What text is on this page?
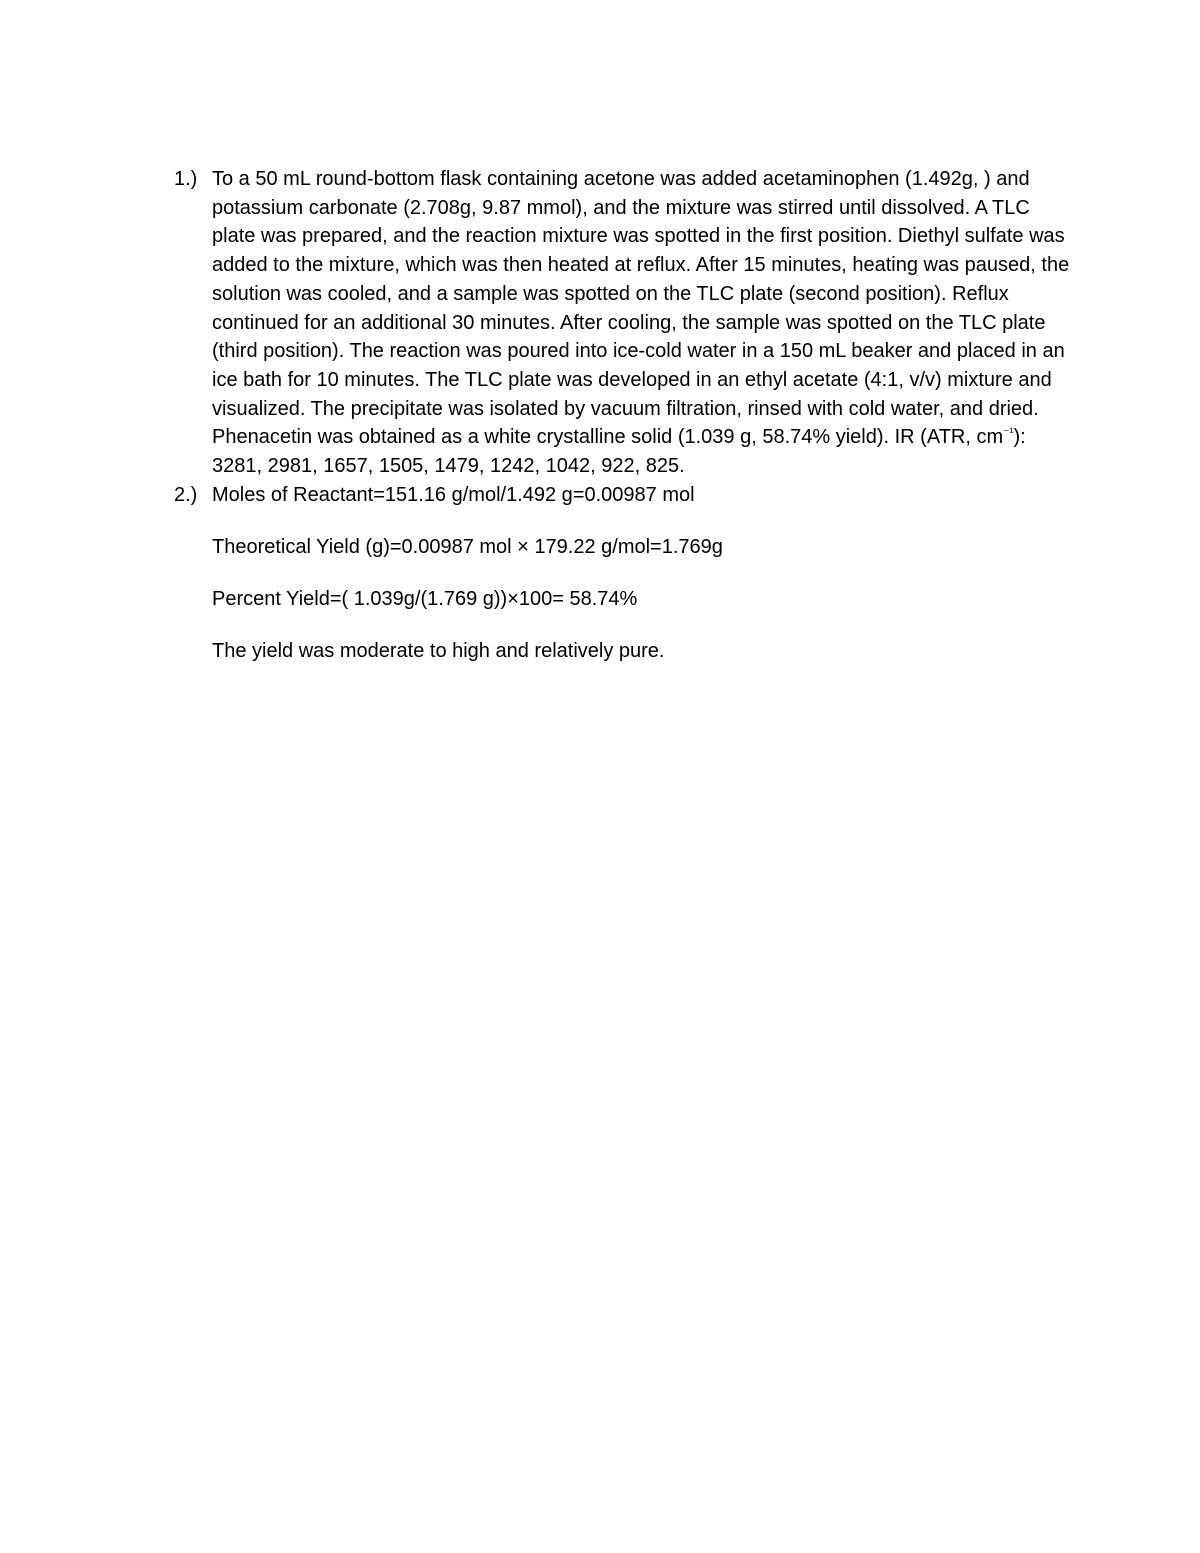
1.) To a 50 mL round-bottom flask containing acetone was added acetaminophen (1.492g, ) and potassium carbonate (2.708g, 9.87 mmol), and the mixture was stirred until dissolved. A TLC plate was prepared, and the reaction mixture was spotted in the first position. Diethyl sulfate was added to the mixture, which was then heated at reflux. After 15 minutes, heating was paused, the solution was cooled, and a sample was spotted on the TLC plate (second position). Reflux continued for an additional 30 minutes. After cooling, the sample was spotted on the TLC plate (third position). The reaction was poured into ice-cold water in a 150 mL beaker and placed in an ice bath for 10 minutes. The TLC plate was developed in an ethyl acetate (4:1, v/v) mixture and visualized. The precipitate was isolated by vacuum filtration, rinsed with cold water, and dried. Phenacetin was obtained as a white crystalline solid (1.039 g, 58.74% yield). IR (ATR, $cm^{^{-1}}$): 3281, 2981, 1657, 1505, 1479, 1242, 1042, 922, 825.

2.) Moles of Reactant=151.16 g/mol/1.492 g=0.00987 mol

Theoretical Yield (g)=0.00987 mol × 179.22 g/mol=1.769g

Percent Yield=( 1.039g/(1.769 g))×100= 58.74%

The yield was moderate to high and relatively pure.
